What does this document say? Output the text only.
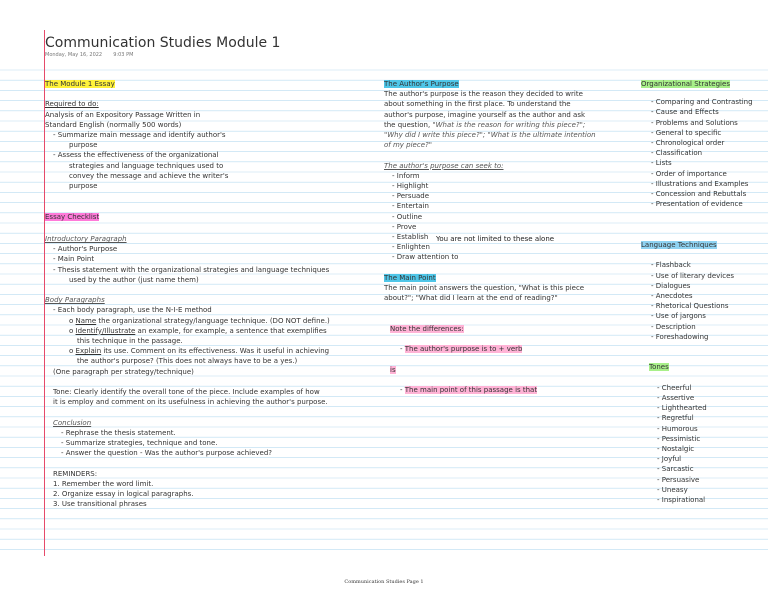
Communication Studies Module 1
Monday, May 16, 2022 9:03 PM

The Module 1 Essay

Required to do:

Analysis of an Expository Passage Written in

Standard English (normally 500 words)

- Summarize main message and identify author's

purpose

- Assess the effectiveness of the organizational

strategies and language techniques used to

convey the message and achieve the writer's

purpose

Essay Checklist

Introductory Paragraph

- Author's Purpose

- Main Point

- Thesis statement with the organizational strategies and language techniques

used by the author (just name them)

Body Paragraphs

- Each body paragraph, use the N-I-E method

o Name the organizational strategy/language technique. (DO NOT define.)

o Identify/Illustrate an example, for example, a sentence that exemplifies

this technique in the passage.

o Explain its use. Comment on its effectiveness. Was it useful in achieving

the author's purpose? (This does not always have to be a yes.)

(One paragraph per strategy/technique)

Tone: Clearly identify the overall tone of the piece. Include examples of how

it is employ and comment on its usefulness in achieving the author's purpose.

Conclusion

- Rephrase the thesis statement.

- Summarize strategies, technique and tone.

- Answer the question - Was the author's purpose achieved?

REMINDERS:

1. Remember the word limit.

2. Organize essay in logical paragraphs.

3. Use transitional phrases

The Author's Purpose

The author's purpose is the reason they decided to write

about something in the first place. To understand the

author's purpose, imagine yourself as the author and ask

the question, "What is the reason for writing this piece?";

"Why did I write this piece?"; "What is the ultimate intention

of my piece?"

The author's purpose can seek to:

- Inform

- Highlight

- Persuade

- Entertain

- Outline

- Prove

- Establish

- Enlighten

- Draw attention to

The Main Point

The main point answers the question, "What is this piece

about?"; "What did I learn at the end of reading?"

Note the differences:

- The author's purpose is to + verb

is

- The main point of this passage is that

You are not limited to these alone

Organizational Strategies

- Comparing and Contrasting

- Cause and Effects

- Problems and Solutions

- General to specific

- Chronological order

- Classification

- Lists

- Order of importance

- Illustrations and Examples

- Concession and Rebuttals

- Presentation of evidence

Language Techniques

- Flashback

- Use of literary devices

- Dialogues

- Anecdotes

- Rhetorical Questions

- Use of jargons

- Description

- Foreshadowing

Tones

- Cheerful

- Assertive

- Lighthearted

- Regretful

- Humorous

- Pessimistic

- Nostalgic

- Joyful

- Sarcastic

- Persuasive

- Uneasy

- Inspirational

Communication Studies Page 1
